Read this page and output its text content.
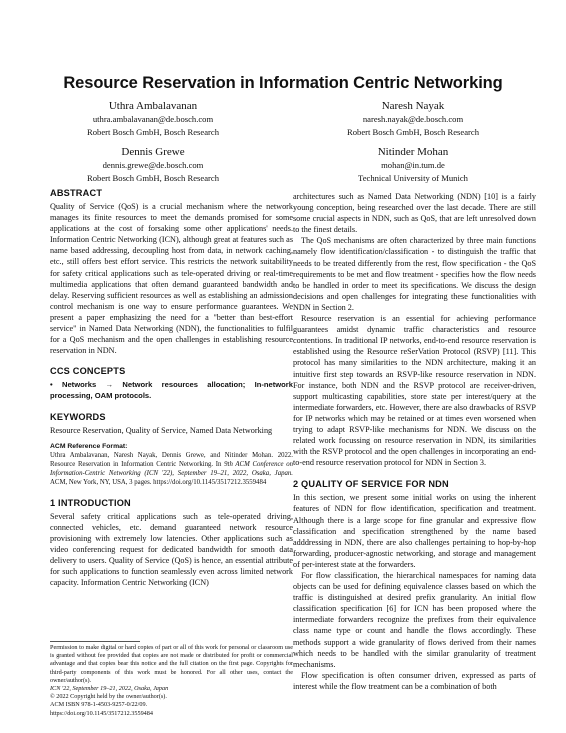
Resource Reservation in Information Centric Networking
Uthra Ambalavanan
uthra.ambalavanan@de.bosch.com
Robert Bosch GmbH, Bosch Research
Naresh Nayak
naresh.nayak@de.bosch.com
Robert Bosch GmbH, Bosch Research
Dennis Grewe
dennis.grewe@de.bosch.com
Robert Bosch GmbH, Bosch Research
Nitinder Mohan
mohan@in.tum.de
Technical University of Munich
ABSTRACT

Quality of Service (QoS) is a crucial mechanism where the network manages its finite resources to meet the demands promised for some applications at the cost of forsaking some other applications' needs. Information Centric Networking (ICN), although great at features such as name based addressing, decoupling host from data, in network caching, etc., still offers best effort service. This restricts the network suitability for safety critical applications such as tele-operated driving or real-time multimedia applications that often demand guaranteed bandwidth and delay. Reserving sufficient resources as well as establishing an admission control mechanism is one way to ensure performance guarantees. We present a paper emphasizing the need for a "better than best-effort service" in Named Data Networking (NDN), the functionalities to fulfil for a QoS mechanism and the open challenges in establishing resource reservation in NDN.

CCS CONCEPTS

• Networks → Network resources allocation; In-network processing, OAM protocols.

KEYWORDS

Resource Reservation, Quality of Service, Named Data Networking

ACM Reference Format:

Uthra Ambalavanan, Naresh Nayak, Dennis Grewe, and Nitinder Mohan. 2022. Resource Reservation in Information Centric Networking. In 9th ACM Conference on Information-Centric Networking (ICN '22), September 19–21, 2022, Osaka, Japan. ACM, New York, NY, USA, 3 pages. https://doi.org/10.1145/3517212.3559484

1 INTRODUCTION

Several safety critical applications such as tele-operated driving, connected vehicles, etc. demand guaranteed network resource provisioning with extremely low latencies. Other applications such as video conferencing request for dedicated bandwidth for smooth data delivery to users. Quality of Service (QoS) is hence, an essential attribute for such applications to function seamlessly even across limited network capacity. Information Centric Networking (ICN)

Permission to make digital or hard copies of part or all of this work for personal or classroom use is granted without fee provided that copies are not made or distributed for profit or commercial advantage and that copies bear this notice and the full citation on the first page. Copyrights for third-party components of this work must be honored. For all other uses, contact the owner/author(s).

ICN '22, September 19–21, 2022, Osaka, Japan

© 2022 Copyright held by the owner/author(s).

ACM ISBN 978-1-4503-9257-0/22/09.

https://doi.org/10.1145/3517212.3559484

architectures such as Named Data Networking (NDN) [10] is a fairly young conception, being researched over the last decade. There are still some crucial aspects in NDN, such as QoS, that are left unresolved down to the finest details.

The QoS mechanisms are often characterized by three main functions namely flow identification/classification - to distinguish the traffic that needs to be treated differently from the rest, flow specification - the QoS requirements to be met and flow treatment - specifies how the flow needs to be handled in order to meet its specifications. We discuss the design decisions and open challenges for integrating these functionalities with NDN in Section 2.

Resource reservation is an essential for achieving performance guarantees amidst dynamic traffic characteristics and resource contentions. In traditional IP networks, end-to-end resource reservation is established using the Resource reSerVation Protocol (RSVP) [11]. This protocol has many similarities to the NDN architecture, making it an intuitive first step towards an RSVP-like resource reservation in NDN. For instance, both NDN and the RSVP protocol are receiver-driven, support multicasting capabilities, store state per interest/query at the intermediate forwarders, etc. However, there are also drawbacks of RSVP for IP networks which may be retained or at times even worsened when trying to adapt RSVP-like mechanisms for NDN. We discuss on the related work focussing on resource reservation in NDN, its similarities with the RSVP protocol and the open challenges in incorporating an end-to-end resource reservation protocol for NDN in Section 3.

2 QUALITY OF SERVICE FOR NDN

In this section, we present some initial works on using the inherent features of NDN for flow identification, specification and treatment. Although there is a large scope for fine granular and expressive flow classification and specification strengthened by the name based adddressing in NDN, there are also challenges pertaining to hop-by-hop forwarding, producer-agnostic networking, and storage and management of per-interest state at the forwarders.

For flow classification, the hierarchical namespaces for naming data objects can be used for defining equivalence classes based on which the traffic is distinguished at desired prefix granularity. An initial flow classification specification [6] for ICN has been proposed where the intermediate forwarders recognize the prefixes from their equivalence class name type or count and handle the flows accordingly. These methods support a wide granularity of flows derived from their names which needs to be handled with the similar granularity of treatment mechanisms.

Flow specification is often consumer driven, expressed as parts of interest while the flow treatment can be a combination of both
